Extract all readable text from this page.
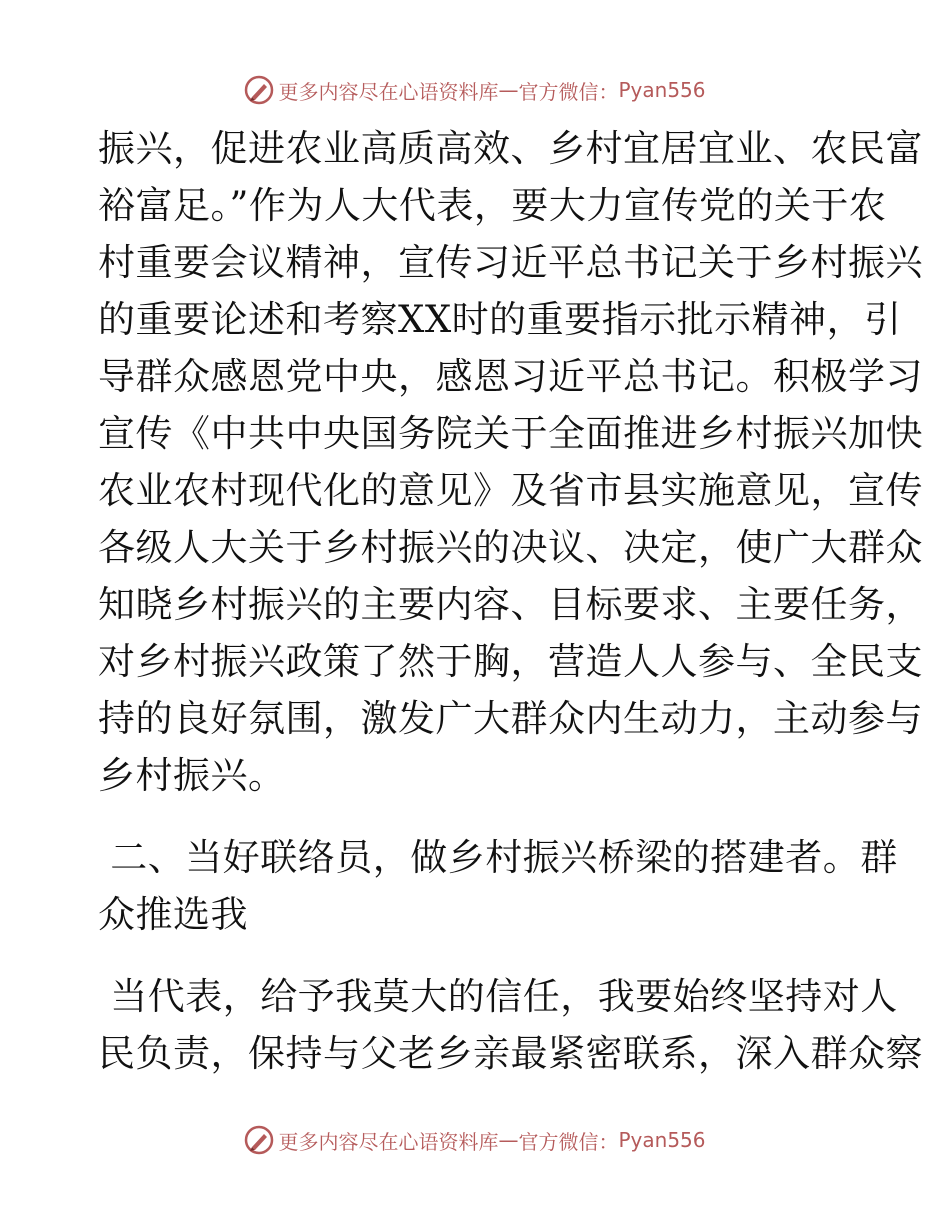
更多内容尽在心语资料库 — 官方微信： Pyan556
振兴，促进农业高质高效、乡村宜居宜业、农民富
裕富足。”作为人大代表，要大力宣传党的关于农
村重要会议精神，宣传习近平总书记关于乡村振兴
的重要论述和考察XX时的重要指示批示精神，引
导群众感恩党中央，感恩习近平总书记。积极学习
宣传《中共中央国务院关于全面推进乡村振兴加快
农业农村现代化的意见》及省市县实施意见，宣传
各级人大关于乡村振兴的决议、决定，使广大群众
知晓乡村振兴的主要内容、目标要求、主要任务，
对乡村振兴政策了然于胸，营造人人参与、全民支
持的良好氛围，激发广大群众内生动力，主动参与
乡村振兴。
二、当好联络员，做乡村振兴桥梁的搭建者。群
众推选我
当代表，给予我莫大的信任，我要始终坚持对人
民负责，保持与父老乡亲最紧密联系，深入群众察
更多内容尽在心语资料库 — 官方微信： Pyan556
